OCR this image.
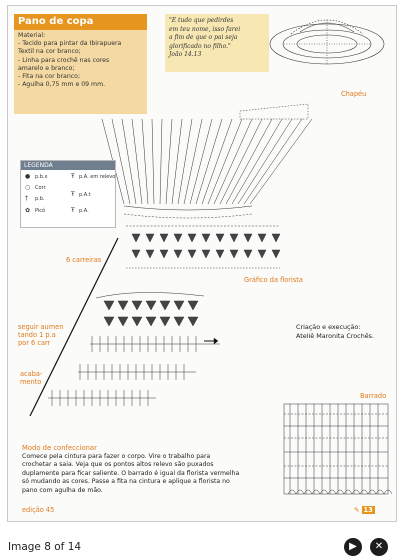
Pano de copa
Material:
- Tecido para pintar da Ibirapuera
Textil na cor branco;
- Linha para crochê nas cores
amarelo e branco;
- Fita na cor branco;
- Agulha 0,75 mm e 09 mm.
"E tudo que pedirdes
em teu nome, isso farei
a fim de que o pai seja
glorificado no filho."
João 14.13
Chapéu
6 carreiras
Gráfico da florista
seguir aumen
tando 1 p.a
por 6 carr
acaba-
mento
Barrado
Criação e execução:
Ateliê Maronita Crochês.
LEGENDA
● p.b.x
○ Corr.
† p.b.
✿ Picô
Ŧ p.A. em relevo
Ŧ p.A.t
Ŧ p.A.
Modo de confeccionar
Comece pela cintura para fazer o corpo. Vire o trabalho para
crochetar a saia. Veja que os pontos altos relevo são puxados
duplamente para ficar saliente. O barrado é igual da florista vermelha
só mudando as cores. Passe a fita na cintura e aplique a florista no
pano com agulha de mão.
edição 45	✎ 13
Image 8 of 14	▶	✕
